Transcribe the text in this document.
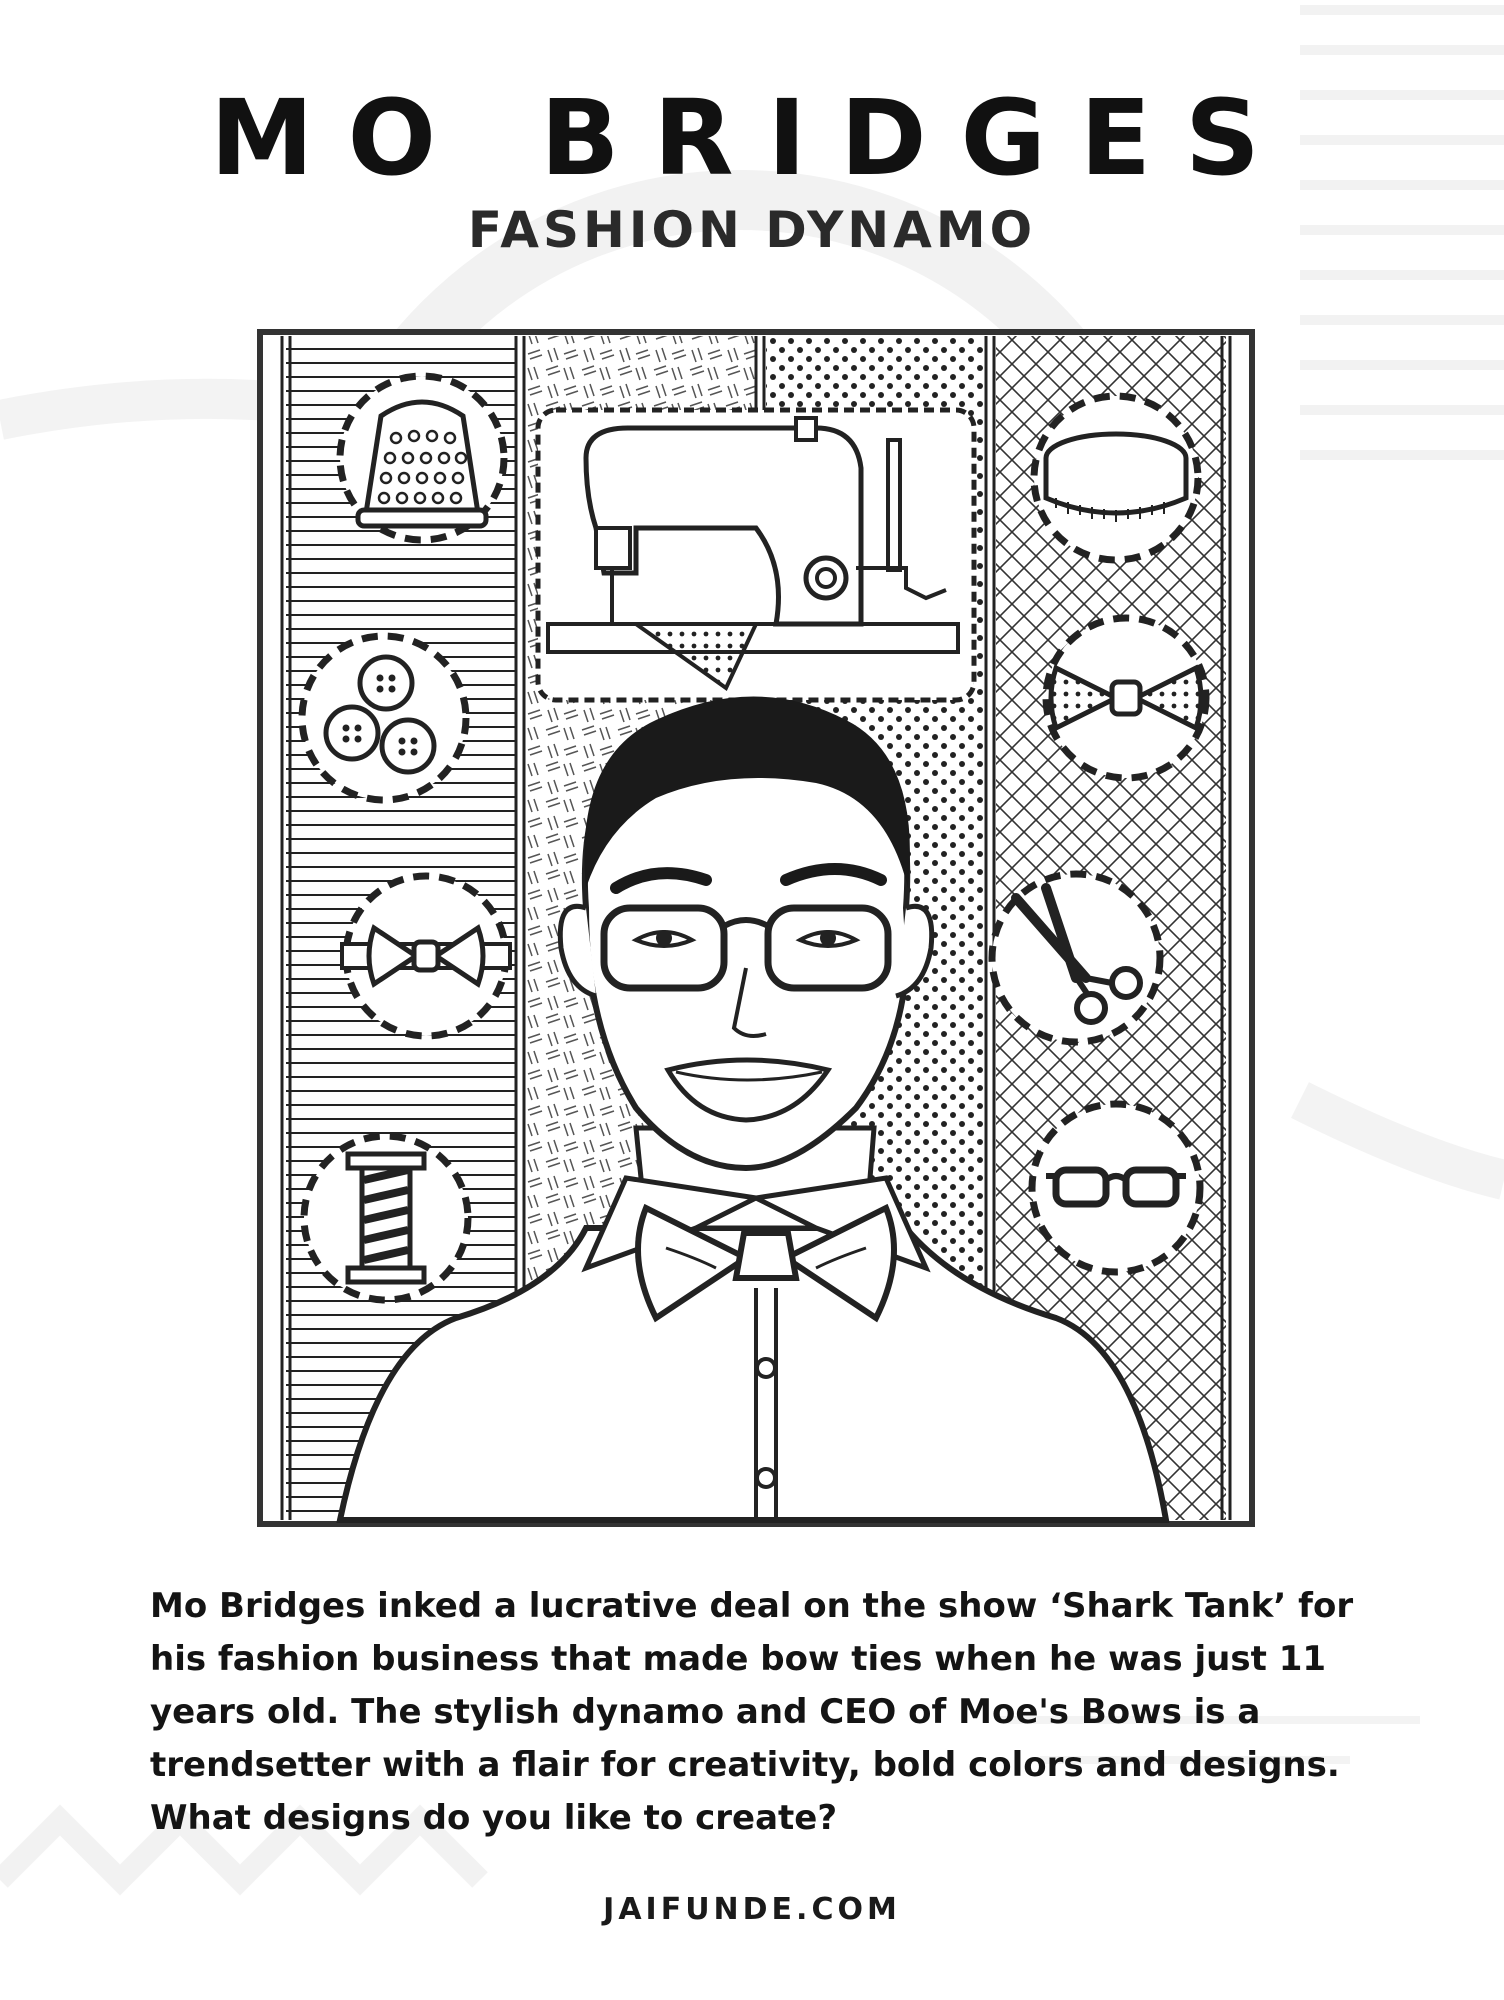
MO BRIDGES
FASHION DYNAMO

Mo Bridges inked a lucrative deal on the show ‘Shark Tank’ for his fashion business that made bow ties when he was just 11 years old. The stylish dynamo and CEO of Moe's Bows is a trendsetter with a flair for creativity, bold colors and designs. What designs do you like to create?

JAIFUNDE.COM
